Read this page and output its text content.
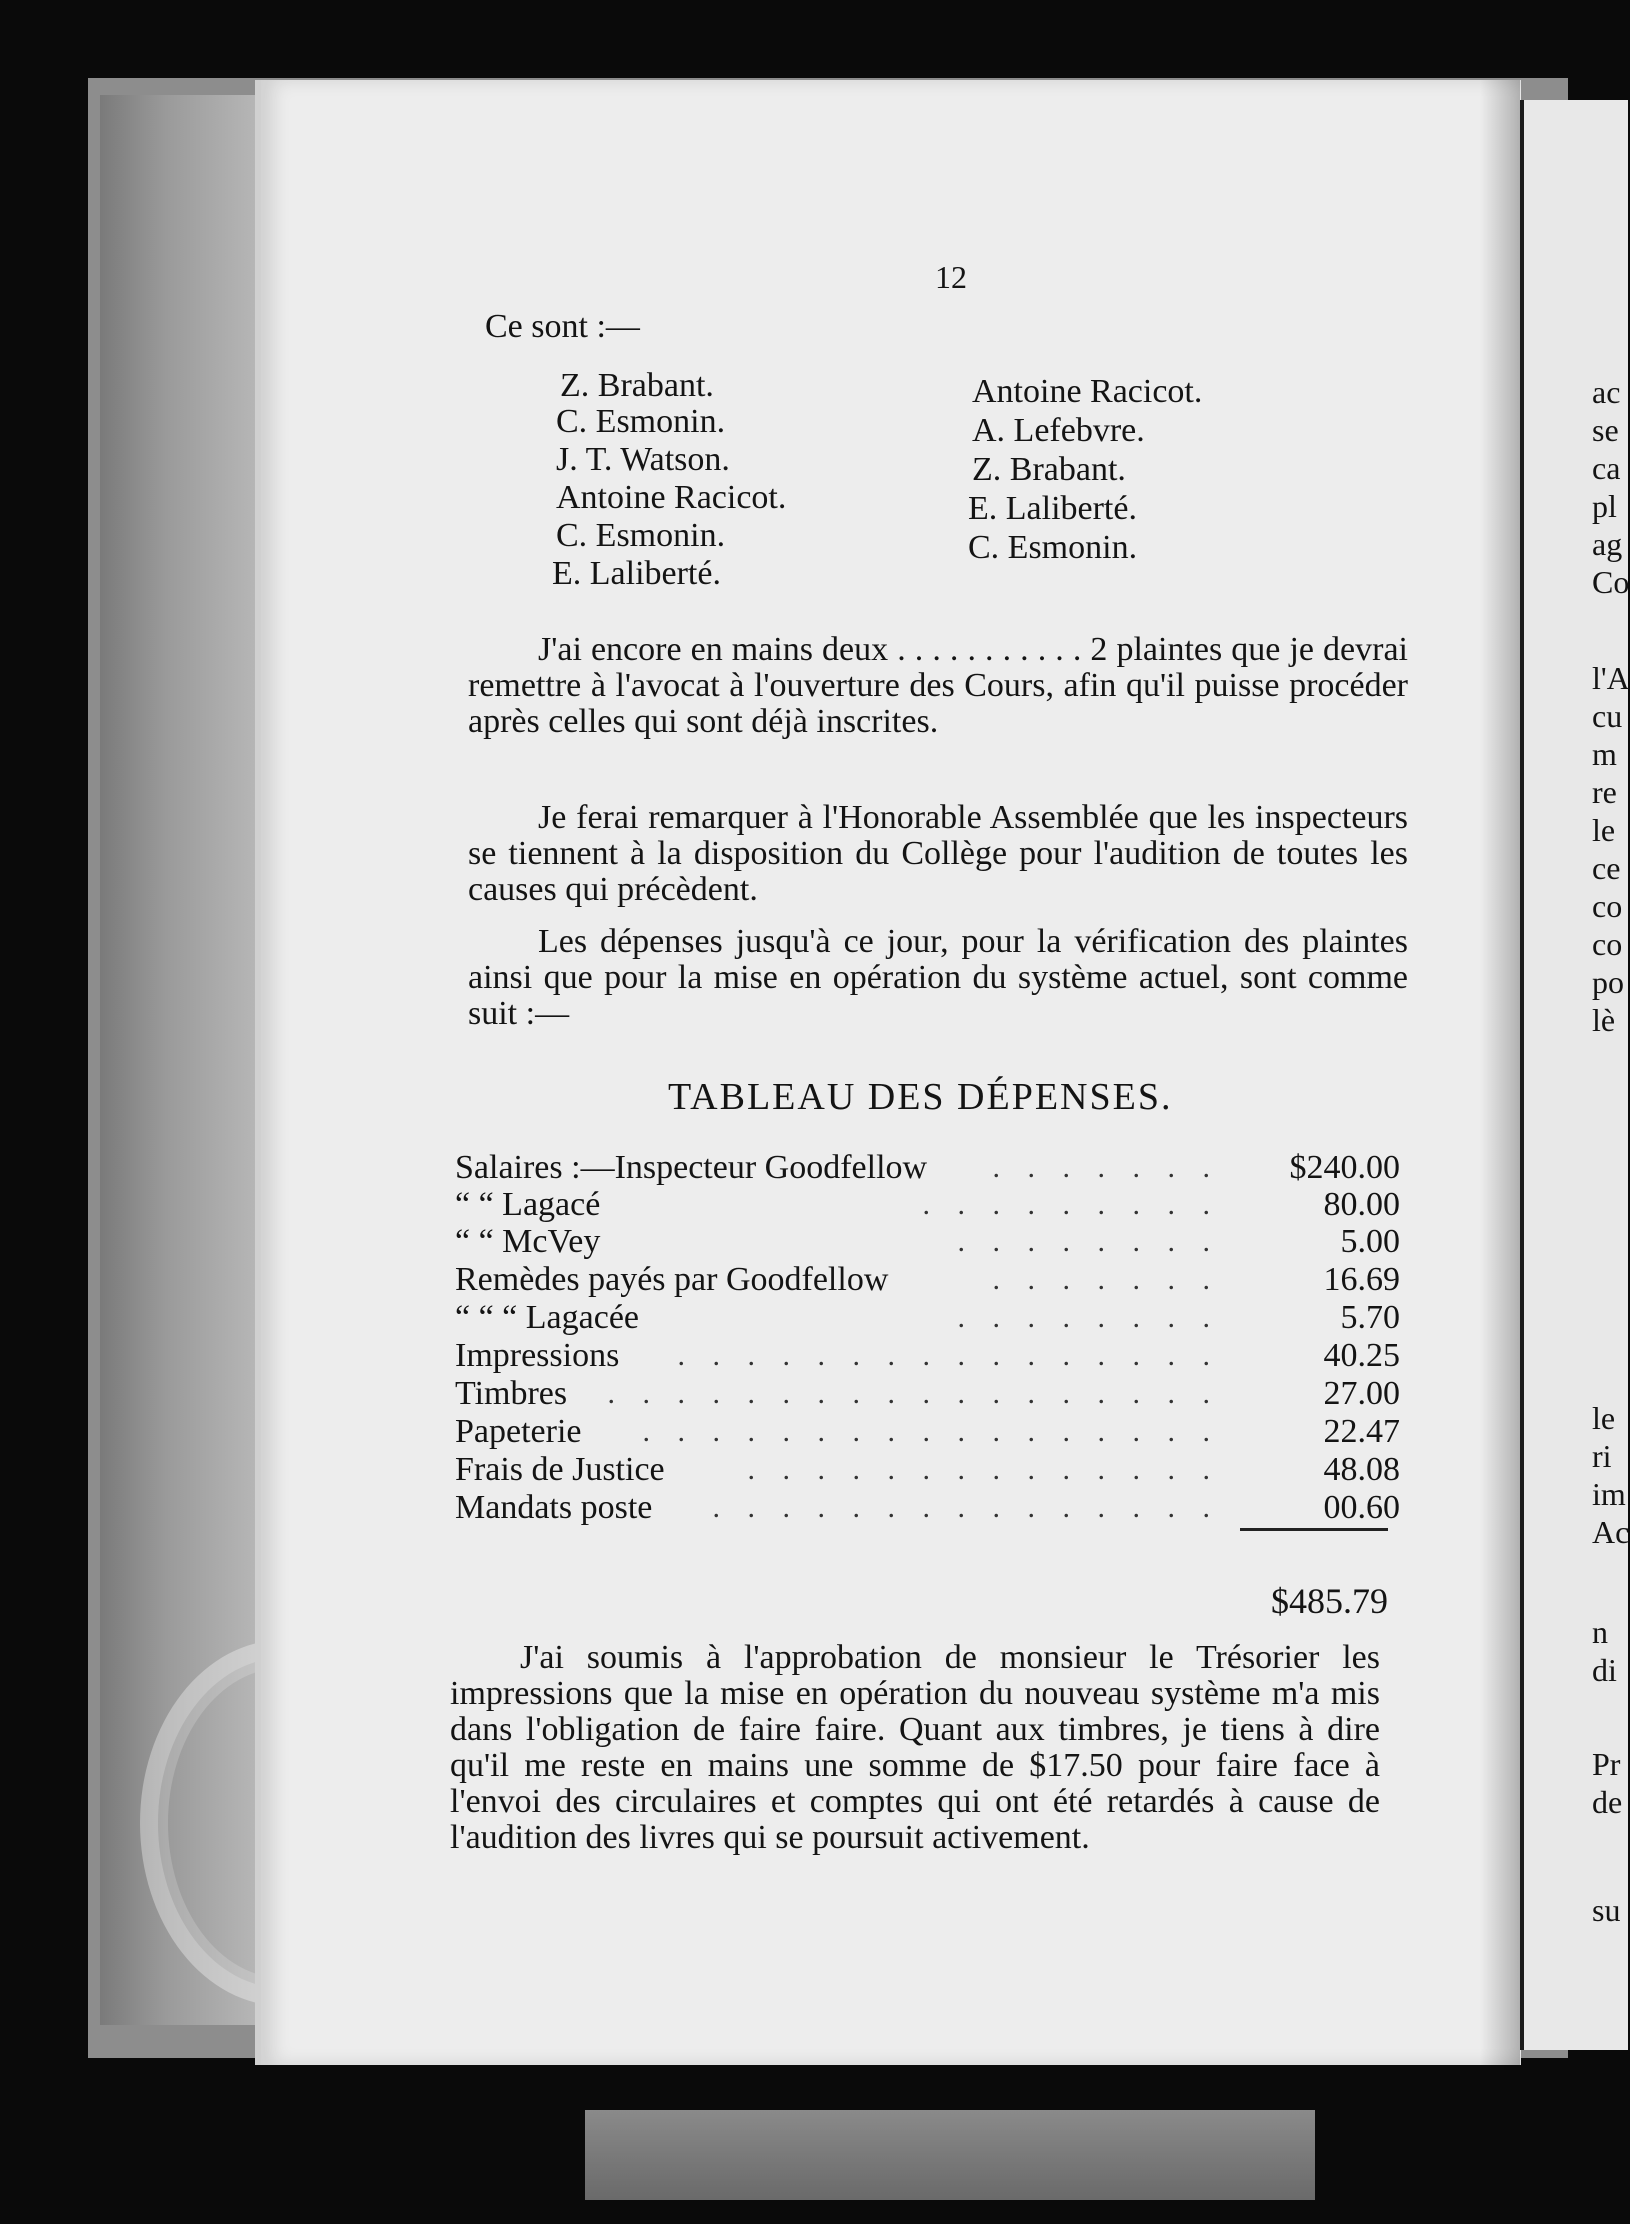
12
Ce sont :—
Z. Brabant.
C. Esmonin.
J. T. Watson.
Antoine Racicot.
C. Esmonin.
E. Laliberté.
Antoine Racicot.
A. Lefebvre.
Z. Brabant.
E. Laliberté.
C. Esmonin.

J'ai encore en mains deux . . . . . . . . . . . 2 plaintes que je devrai remettre à l'avocat à l'ouverture des Cours, afin qu'il puisse procéder après celles qui sont déjà inscrites.

Je ferai remarquer à l'Honorable Assemblée que les inspecteurs se tiennent à la disposition du Collège pour l'audition de toutes les causes qui précèdent.

Les dépenses jusqu'à ce jour, pour la vérification des plaintes ainsi que pour la mise en opération du système actuel, sont comme suit :—

TABLEAU DES DÉPENSES.
Salaires :—Inspecteur Goodfellow . . . . . . .	$240.00
“ “ Lagacé	. . . . . . . . .	80.00
“ “ McVey	. . . . . . . .	5.00
Remèdes payés par Goodfellow	. . . . . . .	16.69
“ “ “ Lagacée	. . . . . . . .	5.70
Impressions . . . . . . . . . . . . . . . .	40.25
Timbres . . . . . . . . . . . . . . . . . .	27.00
Papeterie . . . . . . . . . . . . . . . . .	22.47
Frais de Justice	. . . . . . . . . . . . . .	48.08
Mandats poste . . . . . . . . . . . . . . .	00.60
$485.79

J'ai soumis à l'approbation de monsieur le Trésorier les impressions que la mise en opération du nouveau système m'a mis dans l'obligation de faire faire. Quant aux timbres, je tiens à dire qu'il me reste en mains une somme de $17.50 pour faire face à l'envoi des circulaires et comptes qui ont été retardés à cause de l'audition des livres qui se poursuit activement.

ac
se
ca
pl
ag
Co
l'A
cu
m
re
le
ce
co
co
po
lè
le
ri
im
Ac
n
di
Pr
de
su
